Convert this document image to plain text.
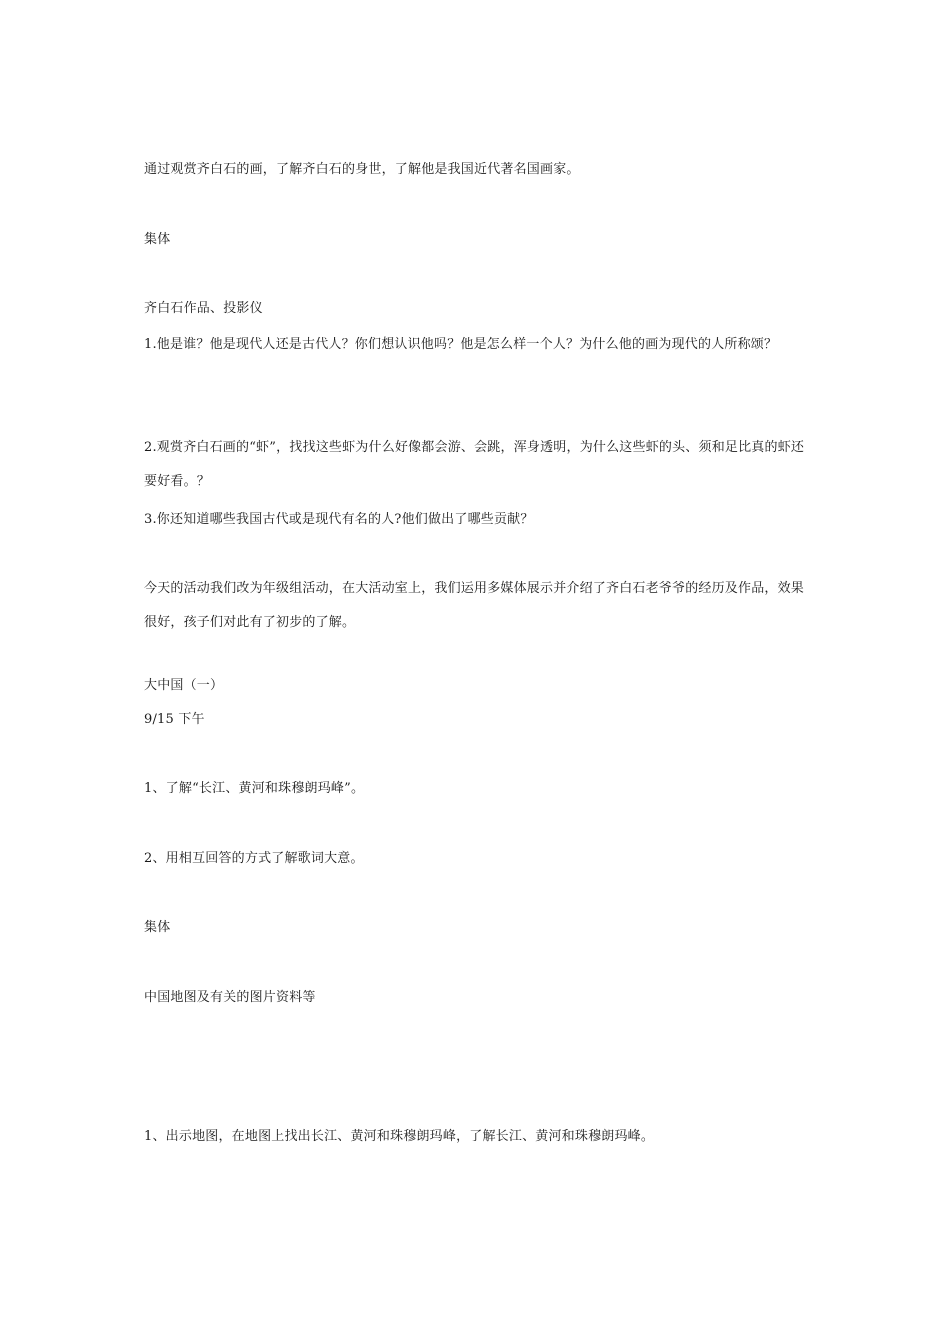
通过观赏齐白石的画，了解齐白石的身世，了解他是我国近代著名国画家。
集体
齐白石作品、投影仪
1.他是谁？他是现代人还是古代人？你们想认识他吗？他是怎么样一个人？为什么他的画为现代的人所称颂？
2.观赏齐白石画的“虾”，找找这些虾为什么好像都会游、会跳，浑身透明，为什么这些虾的头、须和足比真的虾还要好看。？
3.你还知道哪些我国古代或是现代有名的人?他们做出了哪些贡献？
今天的活动我们改为年级组活动，在大活动室上，我们运用多媒体展示并介绍了齐白石老爷爷的经历及作品，效果很好，孩子们对此有了初步的了解。
大中国（一）
9/15 下午
1、了解“长江、黄河和珠穆朗玛峰”。
2、用相互回答的方式了解歌词大意。
集体
中国地图及有关的图片资料等
1、出示地图，在地图上找出长江、黄河和珠穆朗玛峰，了解长江、黄河和珠穆朗玛峰。
